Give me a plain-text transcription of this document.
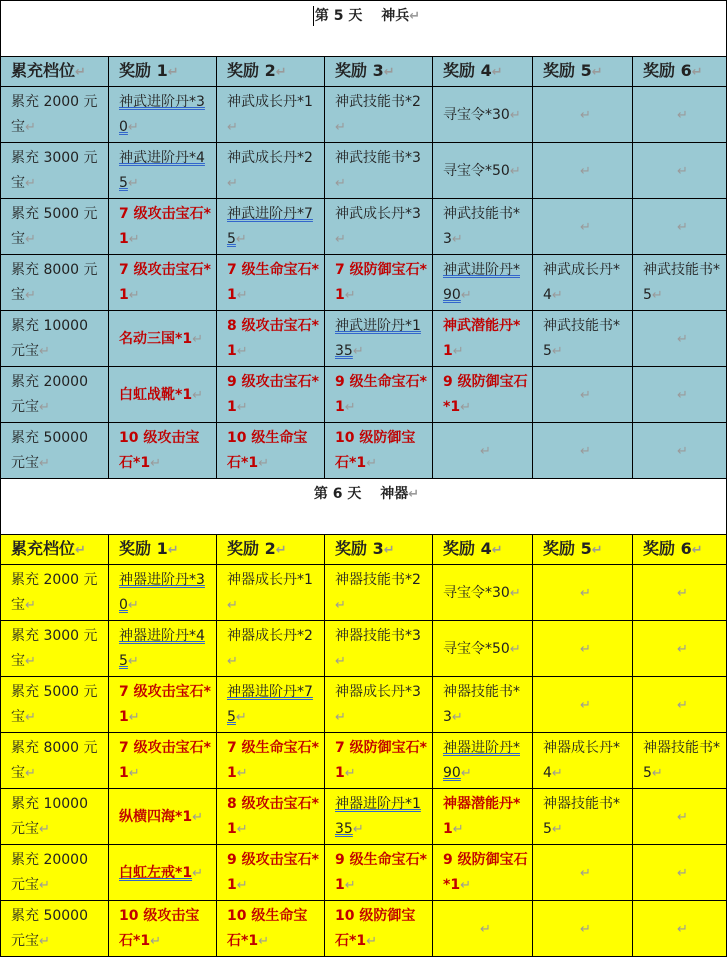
第 5 天　 神兵↵						
累充档位↵	奖励 1↵	奖励 2↵	奖励 3↵	奖励 4↵	奖励 5↵	奖励 6↵
累充 2000 元宝↵	神武进阶丹*30↵	神武成长丹*1↵	神武技能书*2↵	寻宝令*30↵	↵	↵
累充 3000 元宝↵	神武进阶丹*45↵	神武成长丹*2↵	神武技能书*3↵	寻宝令*50↵	↵	↵
累充 5000 元宝↵	7 级攻击宝石*1↵	神武进阶丹*75↵	神武成长丹*3↵	神武技能书*3↵	↵	↵
累充 8000 元宝↵	7 级攻击宝石*1↵	7 级生命宝石*1↵	7 级防御宝石*1↵	神武进阶丹*90↵	神武成长丹*4↵	神武技能书*5↵
累充 10000 元宝↵	名动三国*1↵	8 级攻击宝石*1↵	神武进阶丹*135↵	神武潜能丹*1↵	神武技能书*5↵	↵
累充 20000 元宝↵	白虹战靴*1↵	9 级攻击宝石*1↵	9 级生命宝石*1↵	9 级防御宝石*1↵	↵	↵
累充 50000 元宝↵	10 级攻击宝石*1↵	10 级生命宝石*1↵	10 级防御宝石*1↵	↵	↵	↵
第 6 天　 神器↵						
累充档位↵	奖励 1↵	奖励 2↵	奖励 3↵	奖励 4↵	奖励 5↵	奖励 6↵
累充 2000 元宝↵	神器进阶丹*30↵	神器成长丹*1↵	神器技能书*2↵	寻宝令*30↵	↵	↵
累充 3000 元宝↵	神器进阶丹*45↵	神器成长丹*2↵	神器技能书*3↵	寻宝令*50↵	↵	↵
累充 5000 元宝↵	7 级攻击宝石*1↵	神器进阶丹*75↵	神器成长丹*3↵	神器技能书*3↵	↵	↵
累充 8000 元宝↵	7 级攻击宝石*1↵	7 级生命宝石*1↵	7 级防御宝石*1↵	神器进阶丹*90↵	神器成长丹*4↵	神器技能书*5↵
累充 10000 元宝↵	纵横四海*1↵	8 级攻击宝石*1↵	神器进阶丹*135↵	神器潜能丹*1↵	神器技能书*5↵	↵
累充 20000 元宝↵	白虹左戒*1↵	9 级攻击宝石*1↵	9 级生命宝石*1↵	9 级防御宝石*1↵	↵	↵
累充 50000 元宝↵	10 级攻击宝石*1↵	10 级生命宝石*1↵	10 级防御宝石*1↵	↵	↵	↵
